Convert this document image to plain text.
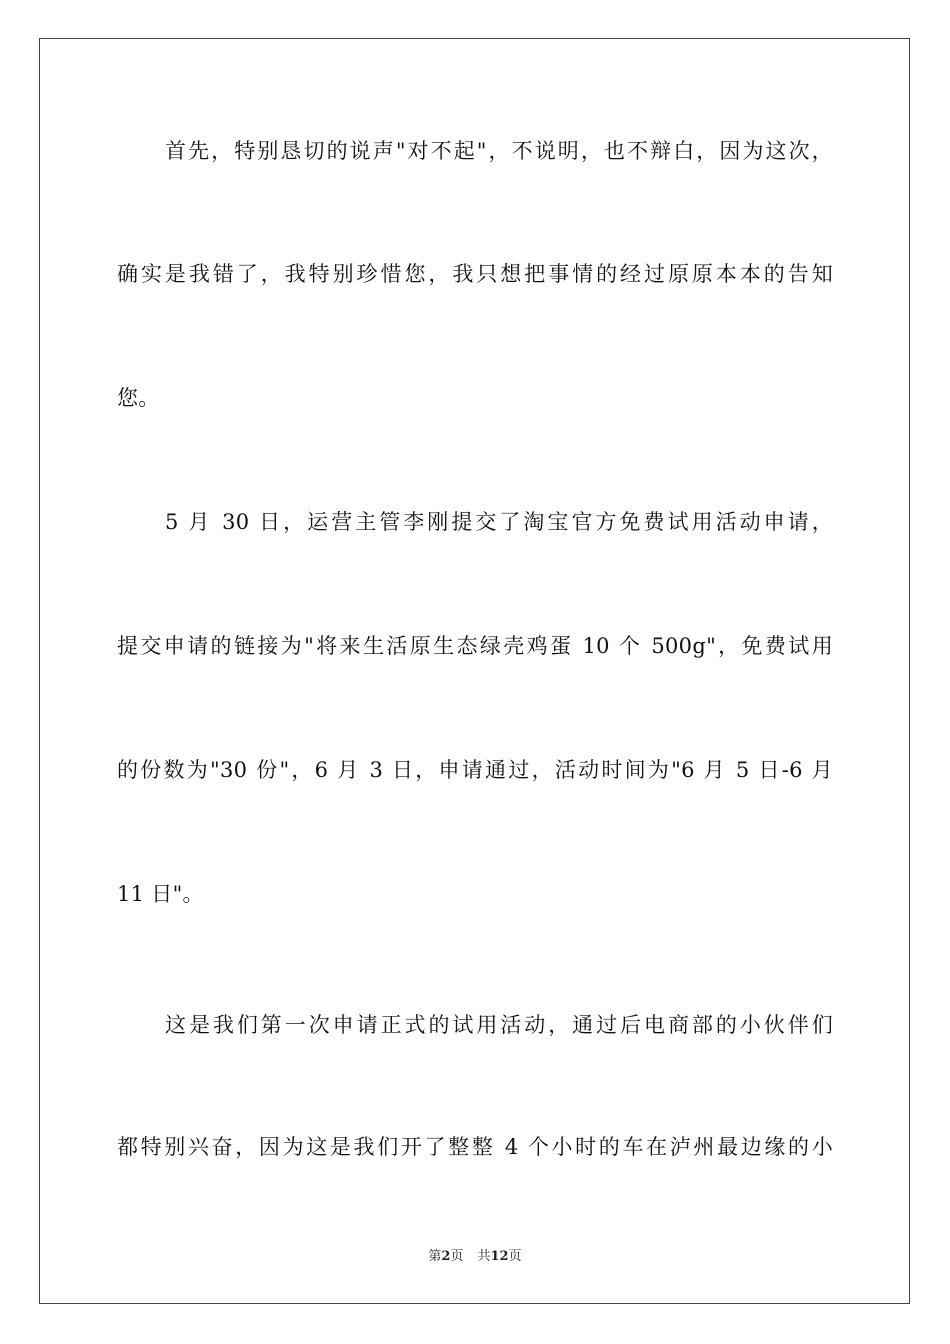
首先，特别恳切的说声"对不起"，不说明，也不辩白，因为这次，
确实是我错了，我特别珍惜您，我只想把事情的经过原原本本的告知
您。
5 月 30 日，运营主管李刚提交了淘宝官方免费试用活动申请，
提交申请的链接为"将来生活原生态绿壳鸡蛋 10 个 500g"，免费试用
的份数为"30 份"，6 月 3 日，申请通过，活动时间为"6 月 5 日-6 月
11 日"。
这是我们第一次申请正式的试用活动，通过后电商部的小伙伴们
都特别兴奋，因为这是我们开了整整 4 个小时的车在泸州最边缘的小
第2页 共12页
